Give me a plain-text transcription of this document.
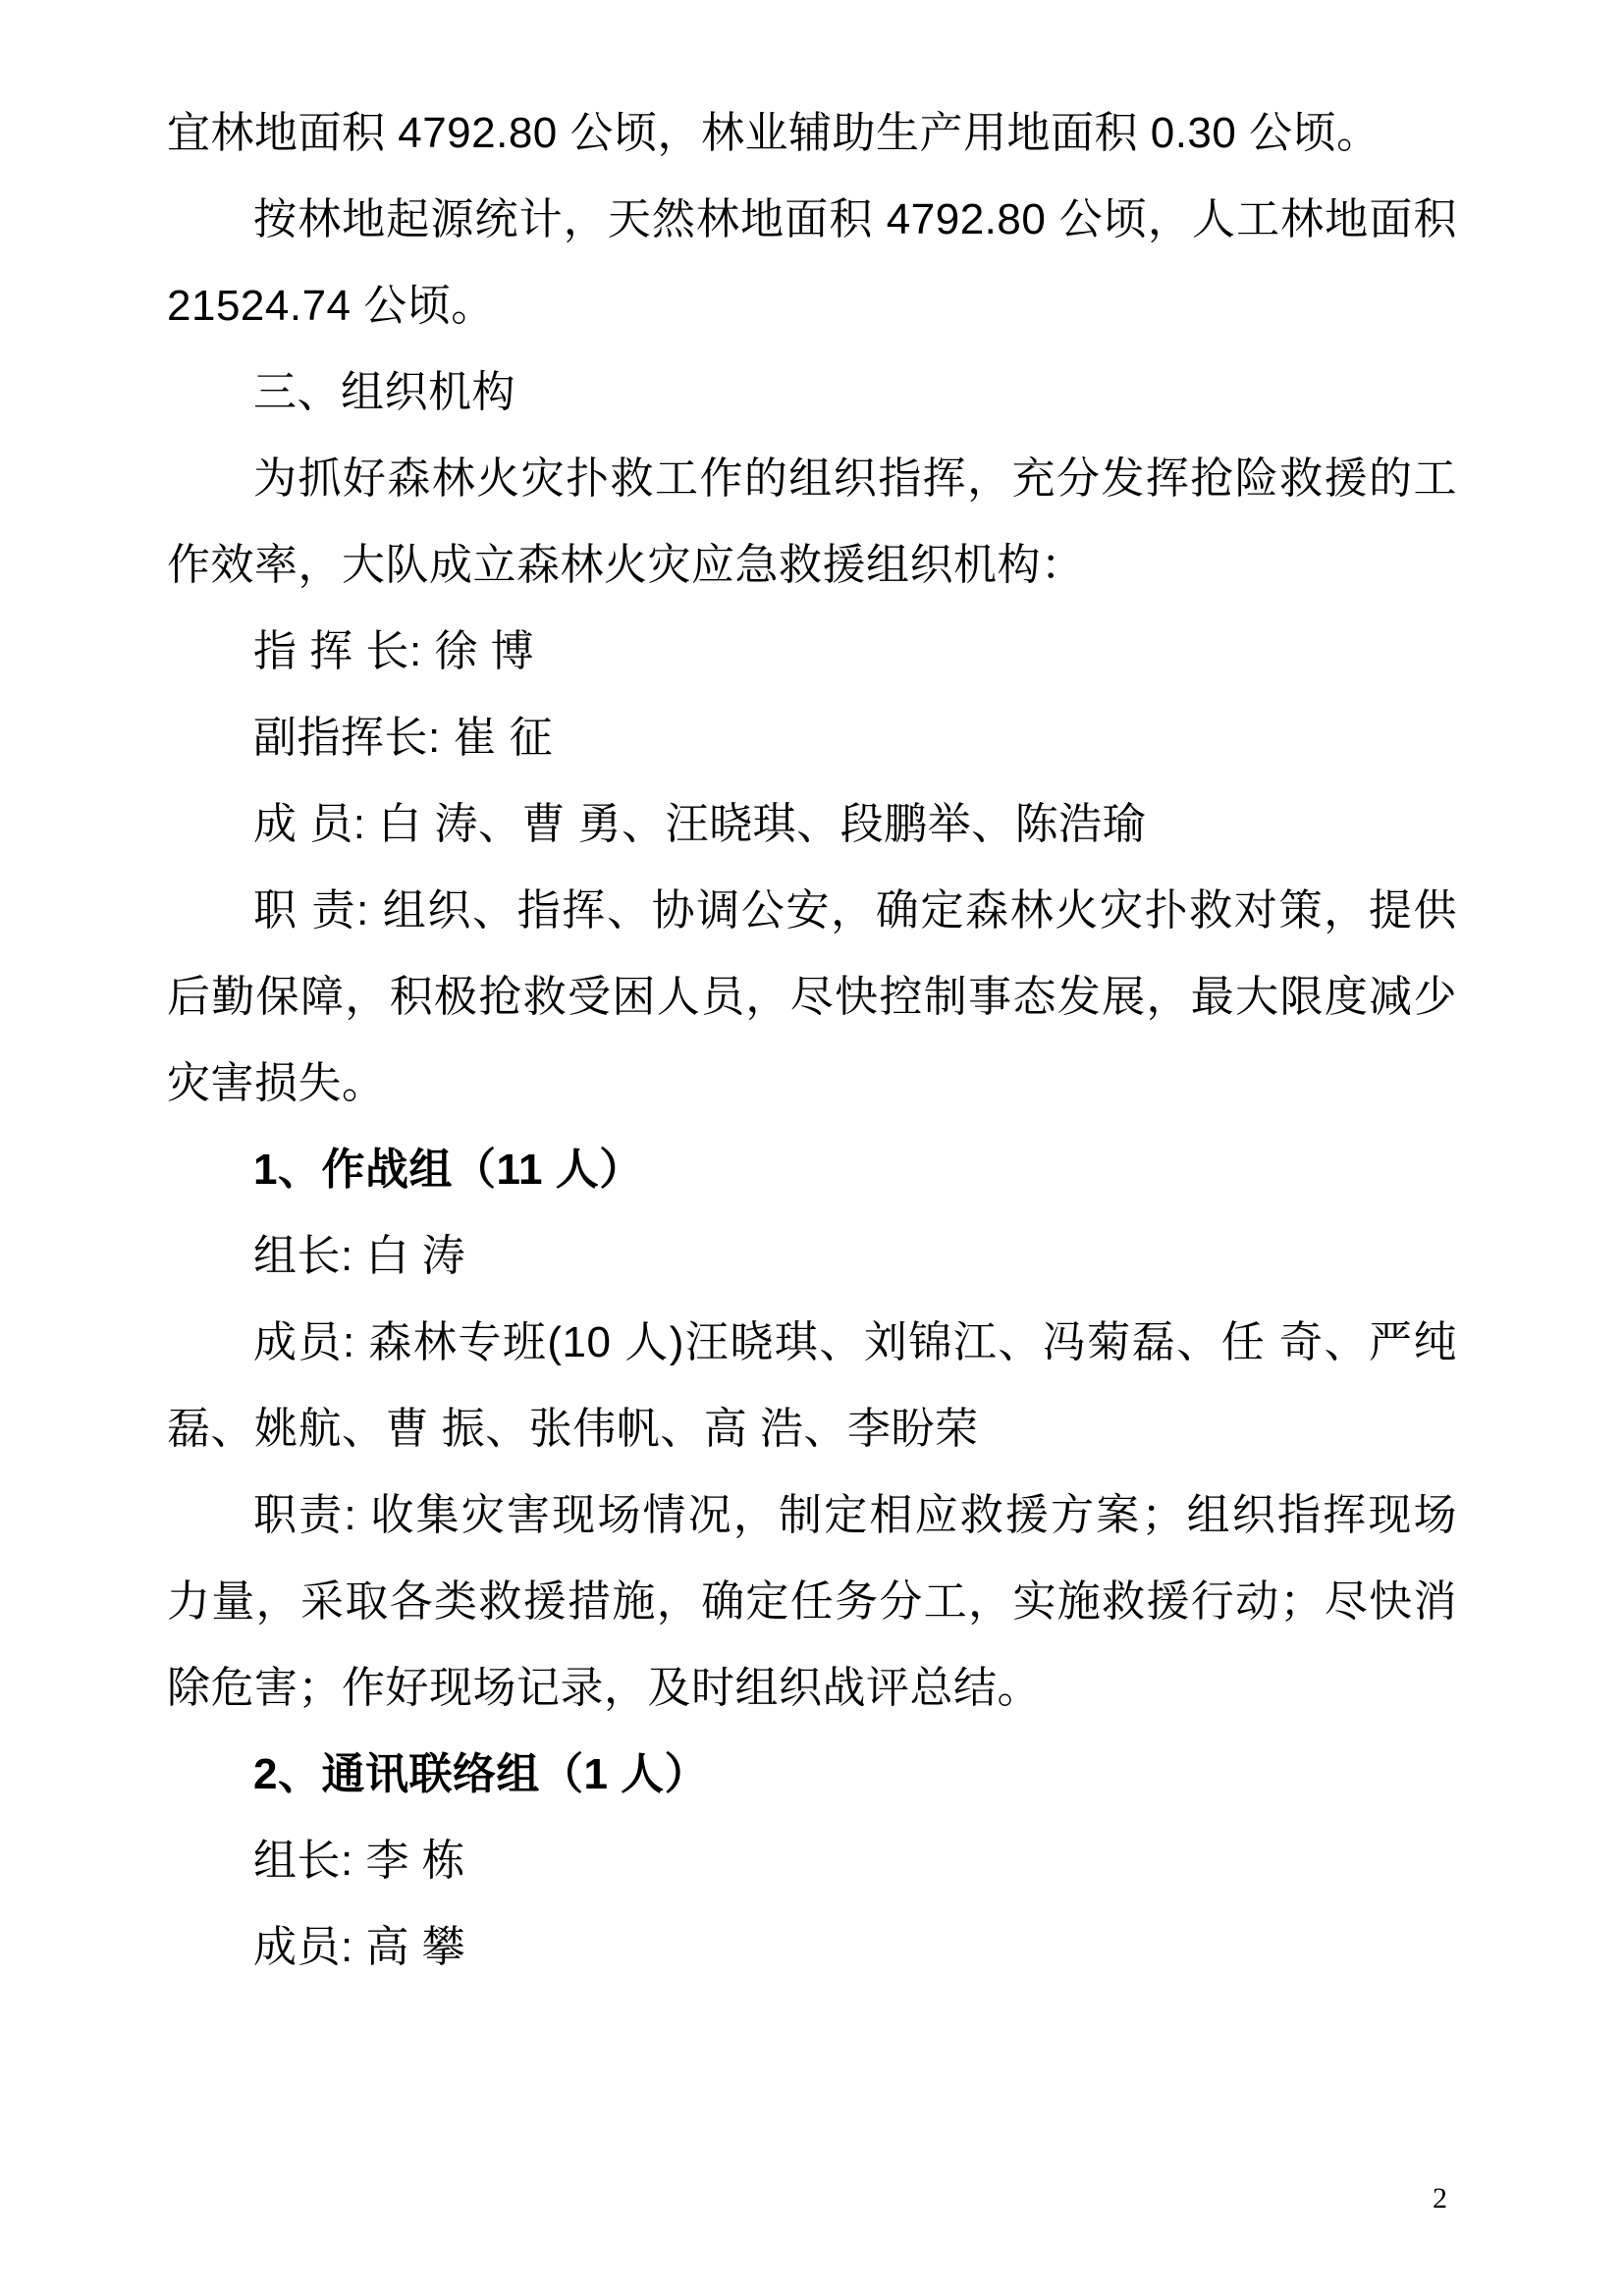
宜林地面积 4792.80 公顷，林业辅助生产用地面积 0.30 公顷。

按林地起源统计，天然林地面积 4792.80 公顷，人工林地面积 21524.74 公顷。

三、组织机构

为抓好森林火灾扑救工作的组织指挥，充分发挥抢险救援的工作效率，大队成立森林火灾应急救援组织机构：

指 挥 长: 徐 博

副指挥长: 崔 征

成 员: 白 涛、曹 勇、汪晓琪、段鹏举、陈浩瑜

职 责: 组织、指挥、协调公安，确定森林火灾扑救对策，提供后勤保障，积极抢救受困人员，尽快控制事态发展，最大限度减少灾害损失。

1、作战组（11 人）

组长: 白 涛

成员: 森林专班(10 人)汪晓琪、刘锦江、冯菊磊、任 奇、严纯磊、姚航、曹 振、张伟帆、高 浩、李盼荣

职责: 收集灾害现场情况，制定相应救援方案；组织指挥现场力量，采取各类救援措施，确定任务分工，实施救援行动；尽快消除危害；作好现场记录，及时组织战评总结。

2、通讯联络组（1 人）

组长: 李 栋

成员: 高 攀

2
